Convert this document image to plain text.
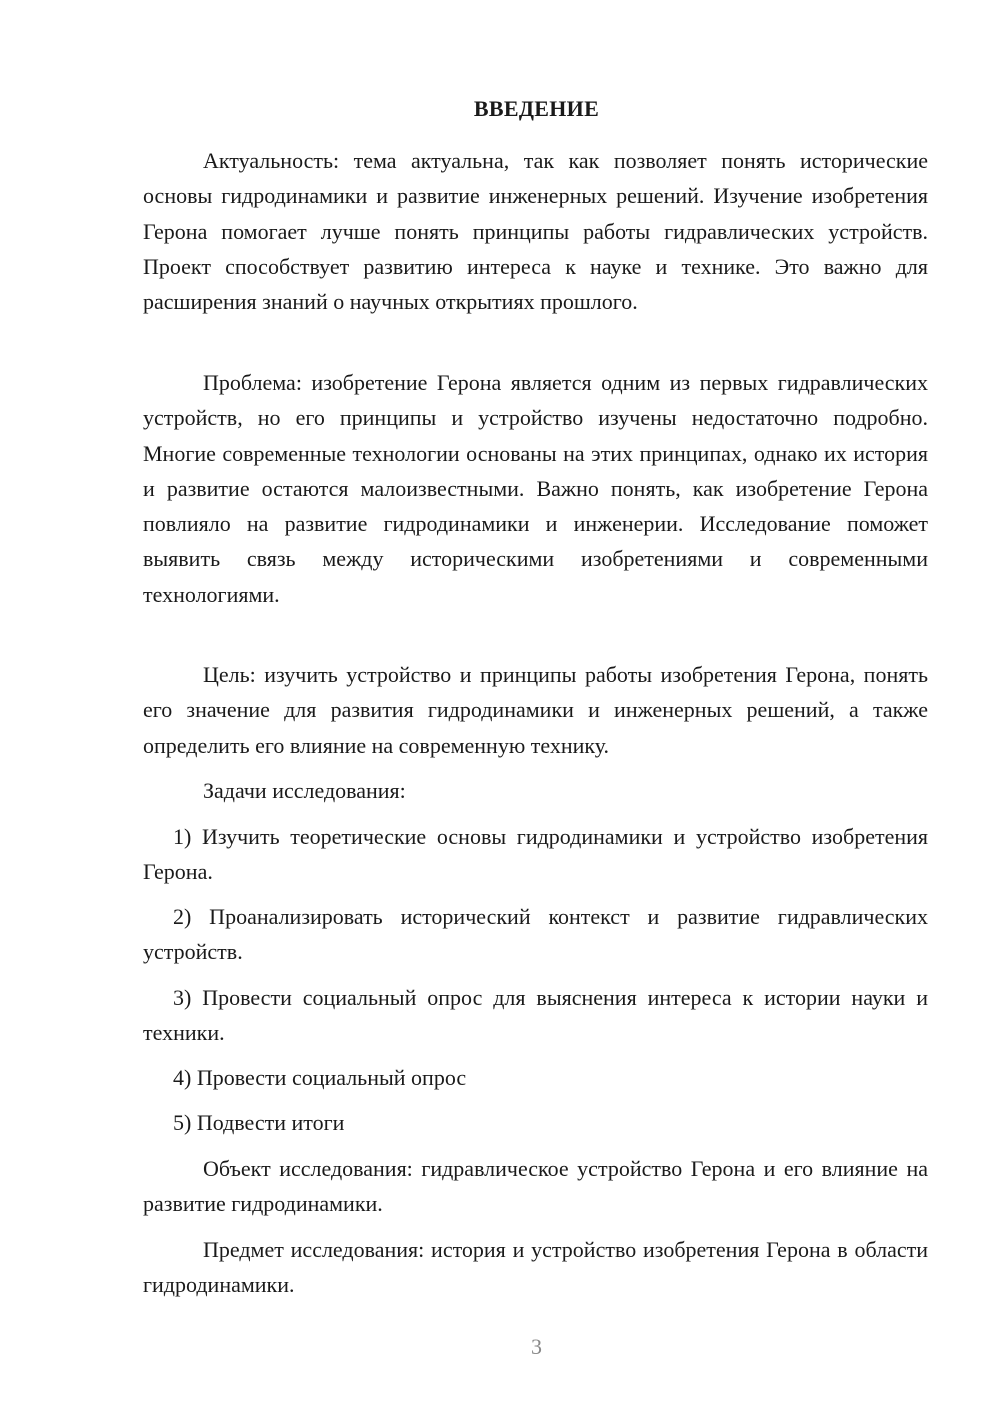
ВВЕДЕНИЕ
Актуальность: тема актуальна, так как позволяет понять исторические основы гидродинамики и развитие инженерных решений. Изучение изобретения Герона помогает лучше понять принципы работы гидравлических устройств. Проект способствует развитию интереса к науке и технике. Это важно для расширения знаний о научных открытиях прошлого.
Проблема: изобретение Герона является одним из первых гидравлических устройств, но его принципы и устройство изучены недостаточно подробно. Многие современные технологии основаны на этих принципах, однако их история и развитие остаются малоизвестными. Важно понять, как изобретение Герона повлияло на развитие гидродинамики и инженерии. Исследование поможет выявить связь между историческими изобретениями и современными технологиями.
Цель: изучить устройство и принципы работы изобретения Герона, понять его значение для развития гидродинамики и инженерных решений, а также определить его влияние на современную технику.
Задачи исследования:
1) Изучить теоретические основы гидродинамики и устройство изобретения Герона.
2) Проанализировать исторический контекст и развитие гидравлических устройств.
3) Провести социальный опрос для выяснения интереса к истории науки и техники.
4) Провести социальный опрос
5) Подвести итоги
Объект исследования: гидравлическое устройство Герона и его влияние на развитие гидродинамики.
Предмет исследования: история и устройство изобретения Герона в области гидродинамики.
3
